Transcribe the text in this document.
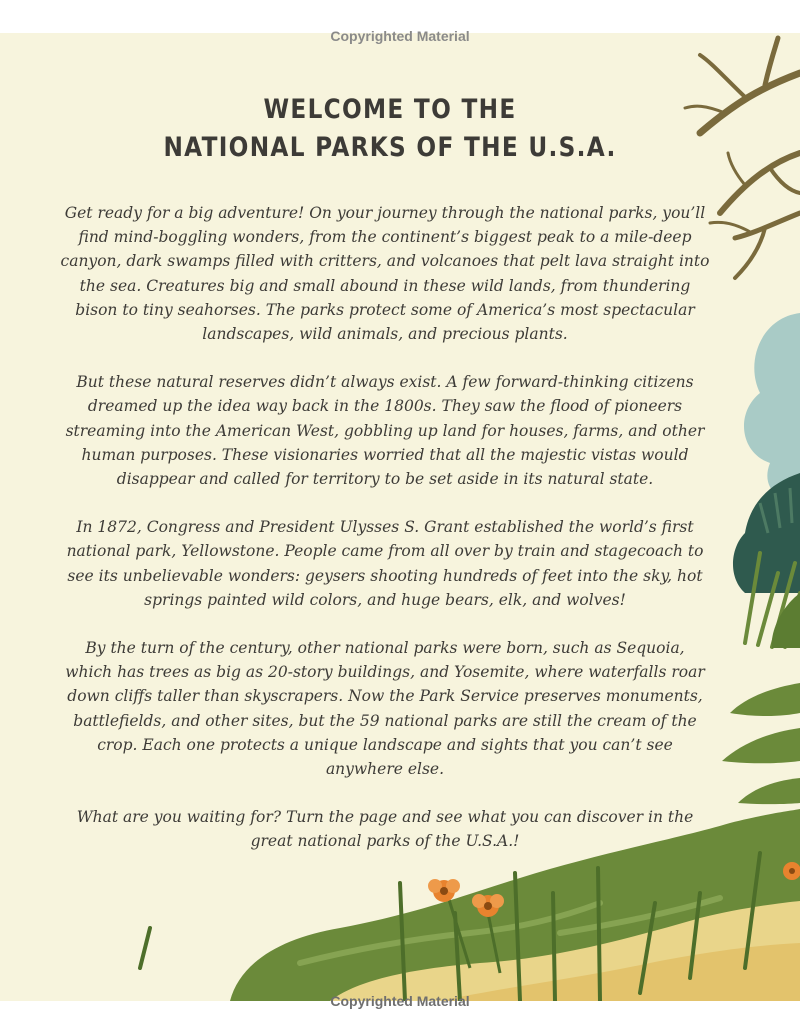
Copyrighted Material
WELCOME TO THE
NATIONAL PARKS OF THE U.S.A.

Get ready for a big adventure! On your journey through the national parks, you’ll find mind-boggling wonders, from the continent’s biggest peak to a mile-deep canyon, dark swamps filled with critters, and volcanoes that pelt lava straight into the sea. Creatures big and small abound in these wild lands, from thundering bison to tiny seahorses. The parks protect some of America’s most spectacular landscapes, wild animals, and precious plants.

But these natural reserves didn’t always exist. A few forward-thinking citizens dreamed up the idea way back in the 1800s. They saw the flood of pioneers streaming into the American West, gobbling up land for houses, farms, and other human purposes. These visionaries worried that all the majestic vistas would disappear and called for territory to be set aside in its natural state.

In 1872, Congress and President Ulysses S. Grant established the world’s first national park, Yellowstone. People came from all over by train and stagecoach to see its unbelievable wonders: geysers shooting hundreds of feet into the sky, hot springs painted wild colors, and huge bears, elk, and wolves!

By the turn of the century, other national parks were born, such as Sequoia, which has trees as big as 20-story buildings, and Yosemite, where waterfalls roar down cliffs taller than skyscrapers. Now the Park Service preserves monuments, battlefields, and other sites, but the 59 national parks are still the cream of the crop. Each one protects a unique landscape and sights that you can’t see anywhere else.

What are you waiting for? Turn the page and see what you can discover in the great national parks of the U.S.A.!

Copyrighted Material
